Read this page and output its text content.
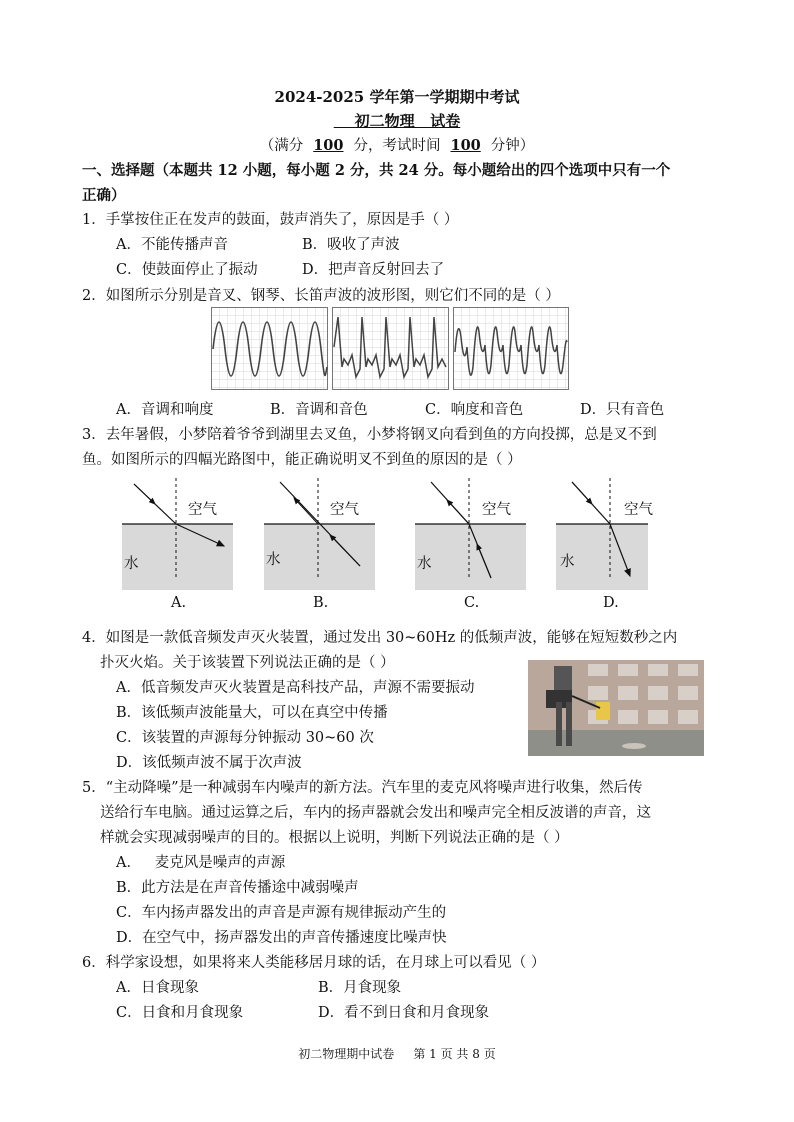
2024-2025 学年第一学期期中考试
初二物理   试卷
（满分 100 分，考试时间 100 分钟）
一、选择题（本题共 12 小题，每小题 2 分，共 24 分。每小题给出的四个选项中只有一个
正确）
1．手掌按住正在发声的鼓面，鼓声消失了，原因是手（ ）
A．不能传播声音	B．吸收了声波
C．使鼓面停止了振动	D．把声音反射回去了
2．如图所示分别是音叉、钢琴、长笛声波的波形图，则它们不同的是（ ）
A．音调和响度	B．音调和音色	C．响度和音色	D．只有音色
3．去年暑假，小梦陪着爷爷到湖里去叉鱼，小梦将钢叉向看到鱼的方向投掷，总是叉不到
鱼。如图所示的四幅光路图中，能正确说明叉不到鱼的原因的是（ ）
空气
水
空气
水
空气
水
空气
水
A.	B.	C.	D.
4．如图是一款低音频发声灭火装置，通过发出 30~60Hz 的低频声波，能够在短短数秒之内
扑灭火焰。关于该装置下列说法正确的是（ ）
A．低音频发声灭火装置是高科技产品，声源不需要振动
B．该低频声波能量大，可以在真空中传播
C．该装置的声源每分钟振动 30~60 次
D．该低频声波不属于次声波
5．“主动降噪”是一种减弱车内噪声的新方法。汽车里的麦克风将噪声进行收集，然后传
送给行车电脑。通过运算之后，车内的扬声器就会发出和噪声完全相反波谱的声音，这
样就会实现减弱噪声的目的。根据以上说明，判断下列说法正确的是（ ）
A．   麦克风是噪声的声源
B．此方法是在声音传播途中减弱噪声
C．车内扬声器发出的声音是声源有规律振动产生的
D．在空气中，扬声器发出的声音传播速度比噪声快
6．科学家设想，如果将来人类能移居月球的话，在月球上可以看见（ ）
A．日食现象	B．月食现象
C．日食和月食现象	D．看不到日食和月食现象
初二物理期中试卷     第 1 页 共 8 页
